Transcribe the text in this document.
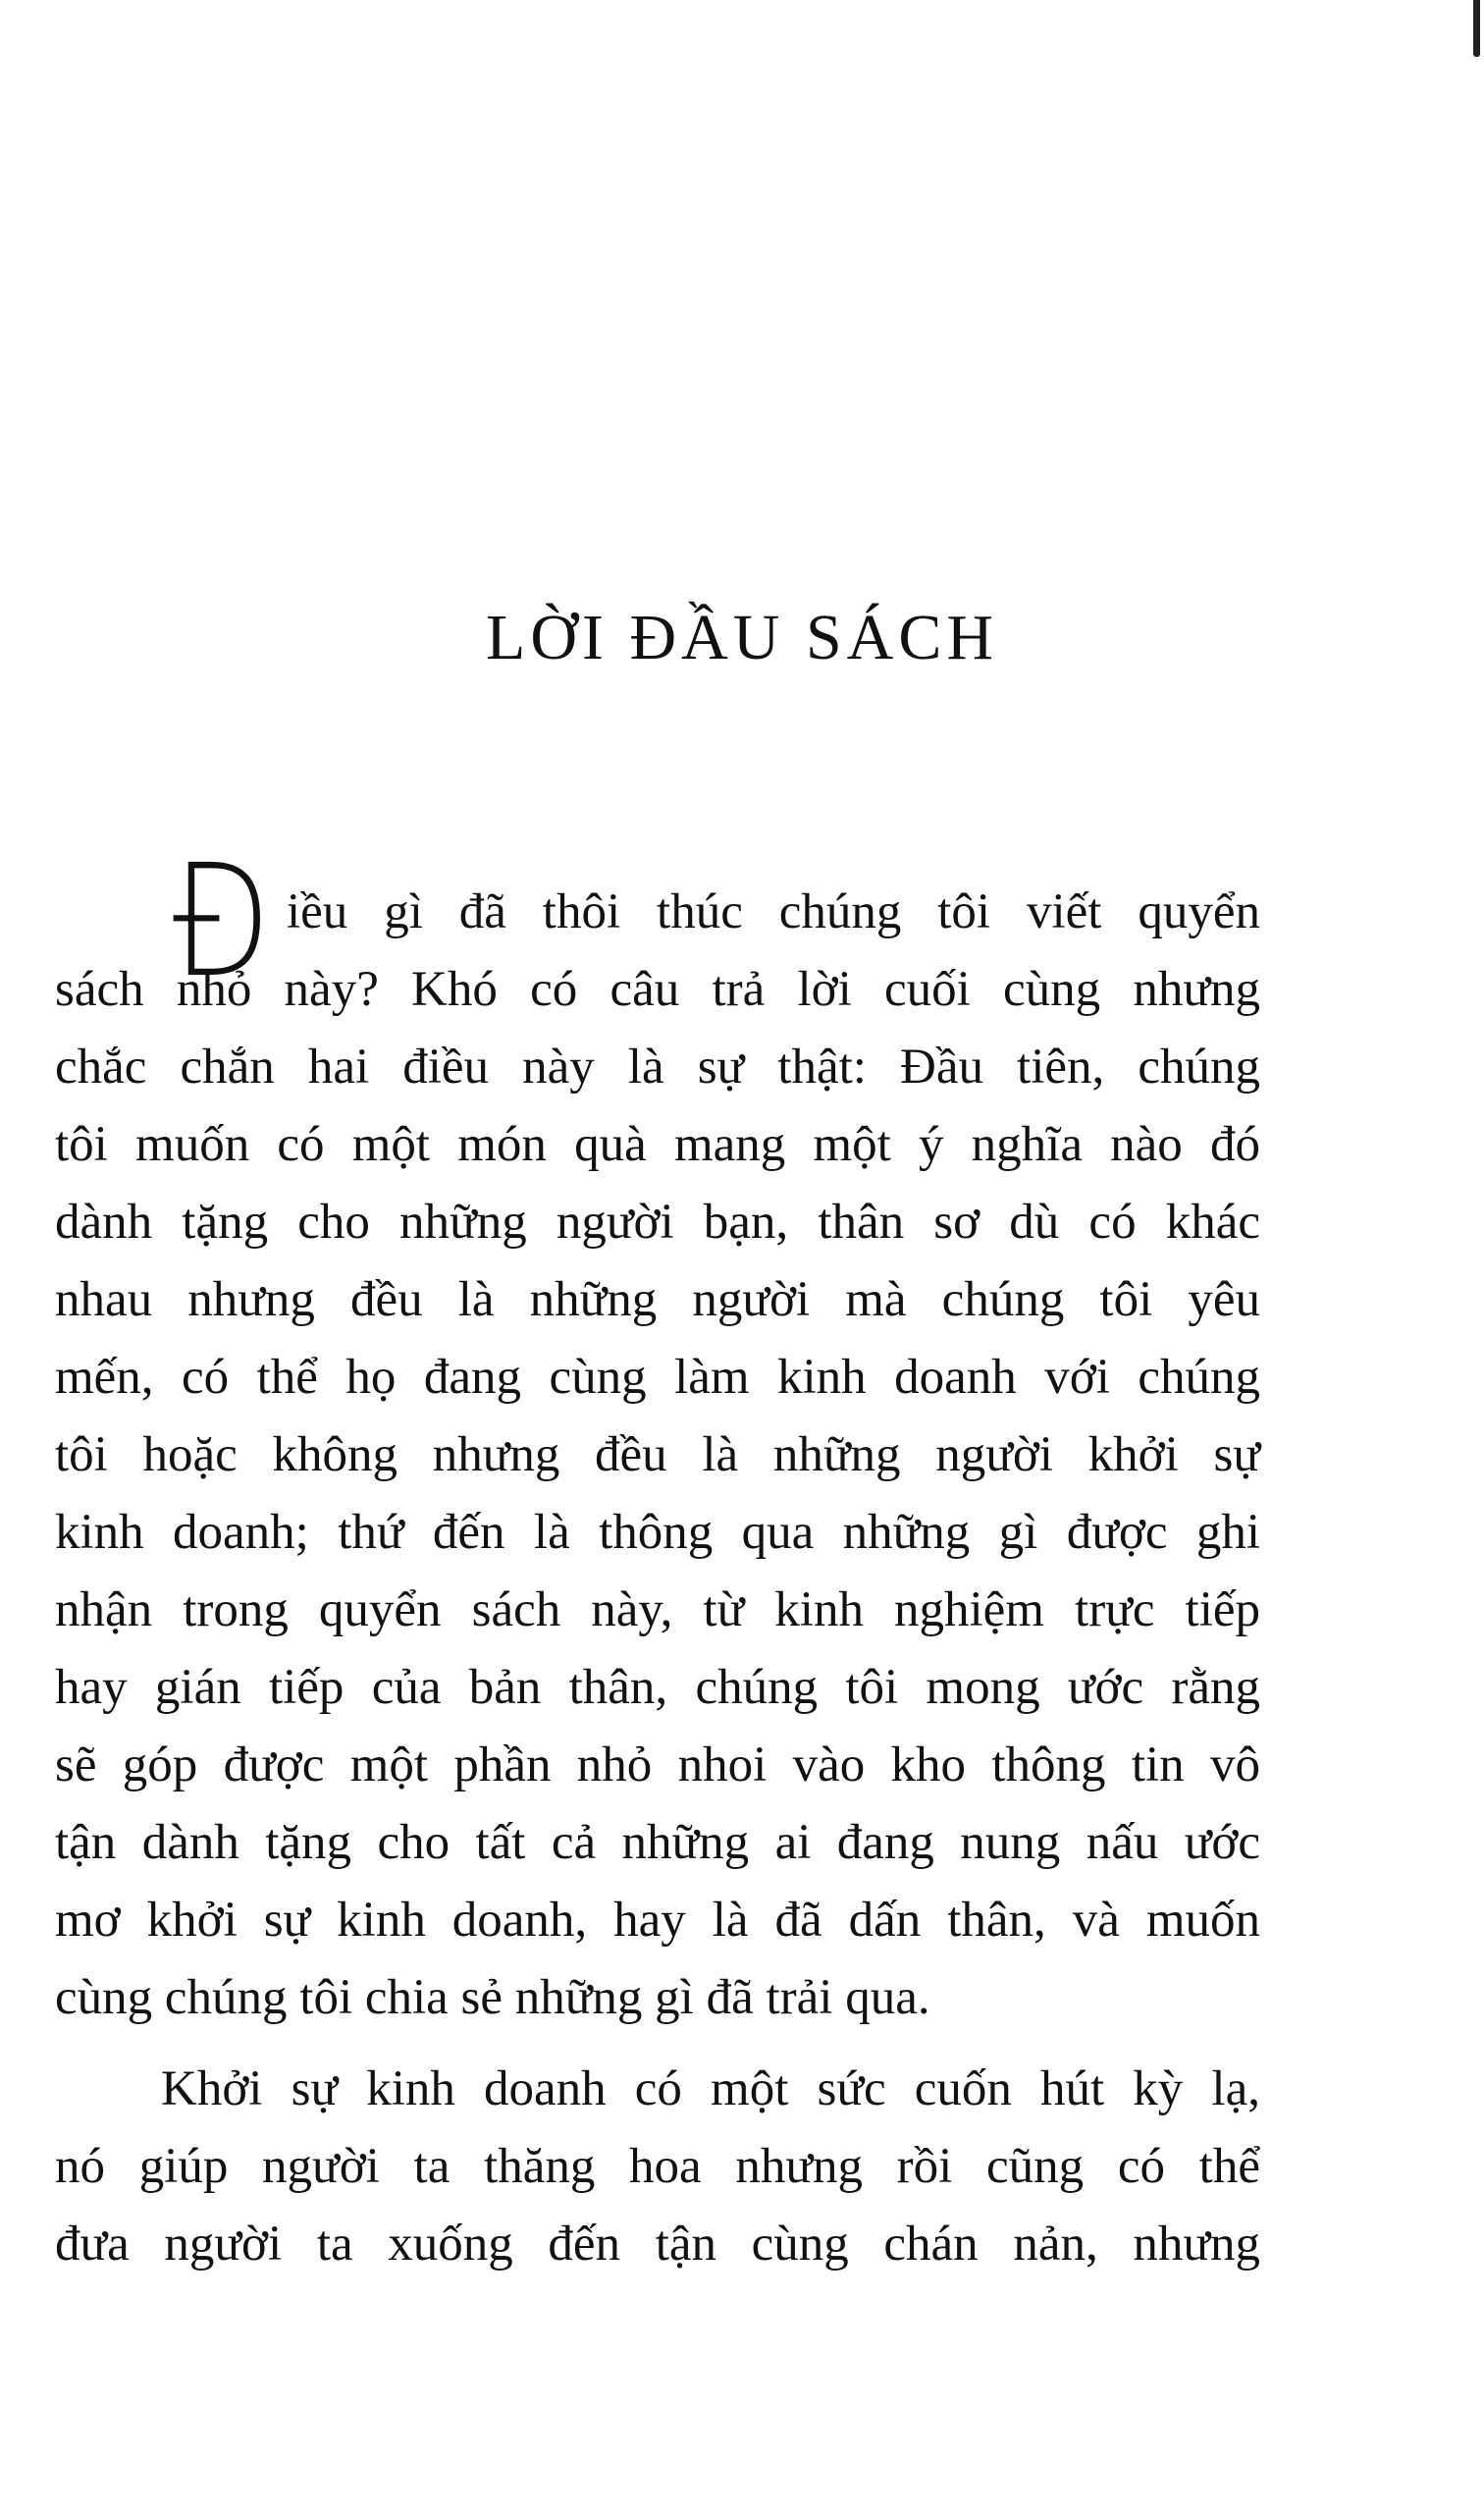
LỜI ĐẦU SÁCH
Đ iều gì đã thôi thúc chúng tôi viết quyển
sách nhỏ này? Khó có câu trả lời cuối cùng nhưng
chắc chắn hai điều này là sự thật: Đầu tiên, chúng
tôi muốn có một món quà mang một ý nghĩa nào đó
dành tặng cho những người bạn, thân sơ dù có khác
nhau nhưng đều là những người mà chúng tôi yêu
mến, có thể họ đang cùng làm kinh doanh với chúng
tôi hoặc không nhưng đều là những người khởi sự
kinh doanh; thứ đến là thông qua những gì được ghi
nhận trong quyển sách này, từ kinh nghiệm trực tiếp
hay gián tiếp của bản thân, chúng tôi mong ước rằng
sẽ góp được một phần nhỏ nhoi vào kho thông tin vô
tận dành tặng cho tất cả những ai đang nung nấu ước
mơ khởi sự kinh doanh, hay là đã dấn thân, và muốn
cùng chúng tôi chia sẻ những gì đã trải qua.
Khởi sự kinh doanh có một sức cuốn hút kỳ lạ,
nó giúp người ta thăng hoa nhưng rồi cũng có thể
đưa người ta xuống đến tận cùng chán nản, nhưng
